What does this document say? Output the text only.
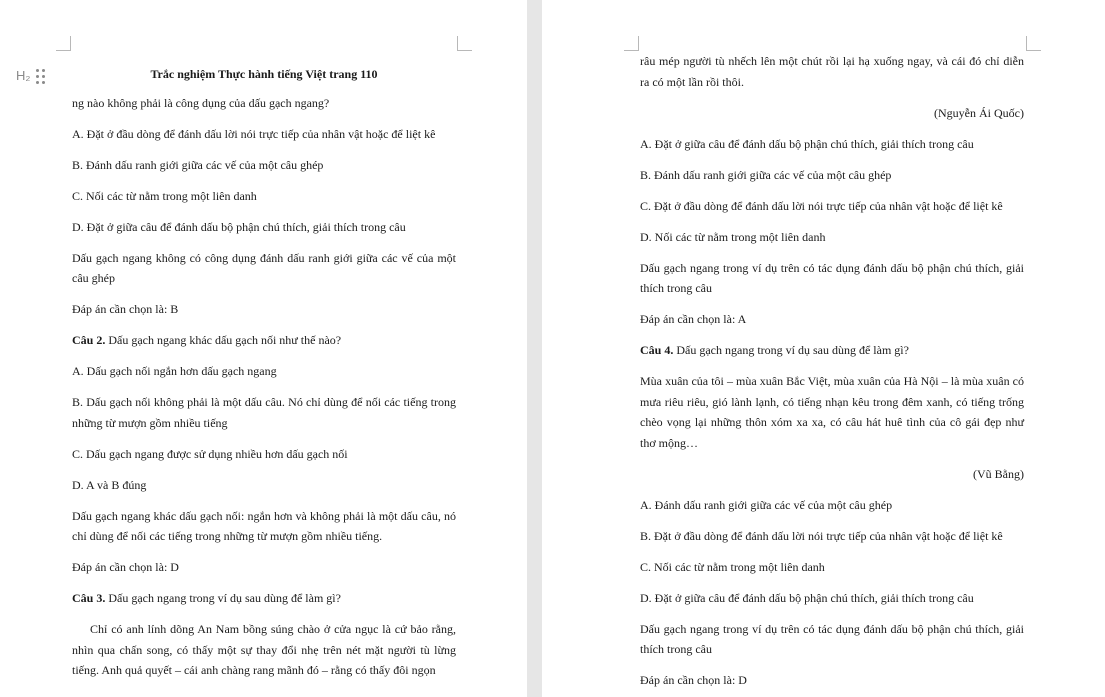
H₂	Trắc nghiệm Thực hành tiếng Việt trang 110

ng nào không phải là công dụng của dấu gạch ngang?

A. Đặt ở đầu dòng để đánh dấu lời nói trực tiếp của nhân vật hoặc để liệt kê

B. Đánh dấu ranh giới giữa các vế của một câu ghép

C. Nối các từ nằm trong một liên danh

D. Đặt ở giữa câu để đánh dấu bộ phận chú thích, giải thích trong câu

Dấu gạch ngang không có công dụng đánh dấu ranh giới giữa các vế của một câu ghép

Đáp án cần chọn là: B

Câu 2. Dấu gạch ngang khác dấu gạch nối như thế nào?

A. Dấu gạch nối ngắn hơn dấu gạch ngang

B. Dấu gạch nối không phải là một dấu câu. Nó chỉ dùng để nối các tiếng trong những từ mượn gồm nhiều tiếng

C. Dấu gạch ngang được sử dụng nhiều hơn dấu gạch nối

D. A và B đúng

Dấu gạch ngang khác dấu gạch nối: ngắn hơn và không phải là một dấu câu, nó chỉ dùng để nối các tiếng trong những từ mượn gồm nhiều tiếng.

Đáp án cần chọn là: D

Câu 3. Dấu gạch ngang trong ví dụ sau dùng để làm gì?

Chỉ có anh lính dõng An Nam bồng súng chào ở cửa ngục là cứ bảo rằng, nhìn qua chấn song, có thấy một sự thay đổi nhẹ trên nét mặt người tù lừng tiếng. Anh quả quyết – cái anh chàng rang mãnh đó – rằng có thấy đôi ngọn

râu mép người tù nhếch lên một chút rồi lại hạ xuống ngay, và cái đó chỉ diễn ra có một lần rồi thôi.

(Nguyễn Ái Quốc)

A. Đặt ở giữa câu để đánh dấu bộ phận chú thích, giải thích trong câu

B. Đánh dấu ranh giới giữa các vế của một câu ghép

C. Đặt ở đầu dòng để đánh dấu lời nói trực tiếp của nhân vật hoặc để liệt kê

D. Nối các từ nằm trong một liên danh

Dấu gạch ngang trong ví dụ trên có tác dụng đánh dấu bộ phận chú thích, giải thích trong câu

Đáp án cần chọn là: A

Câu 4. Dấu gạch ngang trong ví dụ sau dùng để làm gì?

Mùa xuân của tôi – mùa xuân Bắc Việt, mùa xuân của Hà Nội – là mùa xuân có mưa riêu riêu, gió lành lạnh, có tiếng nhạn kêu trong đêm xanh, có tiếng trống chèo vọng lại những thôn xóm xa xa, có câu hát huê tình của cô gái đẹp như thơ mộng…

(Vũ Bằng)

A. Đánh dấu ranh giới giữa các vế của một câu ghép

B. Đặt ở đầu dòng để đánh dấu lời nói trực tiếp của nhân vật hoặc để liệt kê

C. Nối các từ nằm trong một liên danh

D. Đặt ở giữa câu để đánh dấu bộ phận chú thích, giải thích trong câu

Dấu gạch ngang trong ví dụ trên có tác dụng đánh dấu bộ phận chú thích, giải thích trong câu

Đáp án cần chọn là: D
